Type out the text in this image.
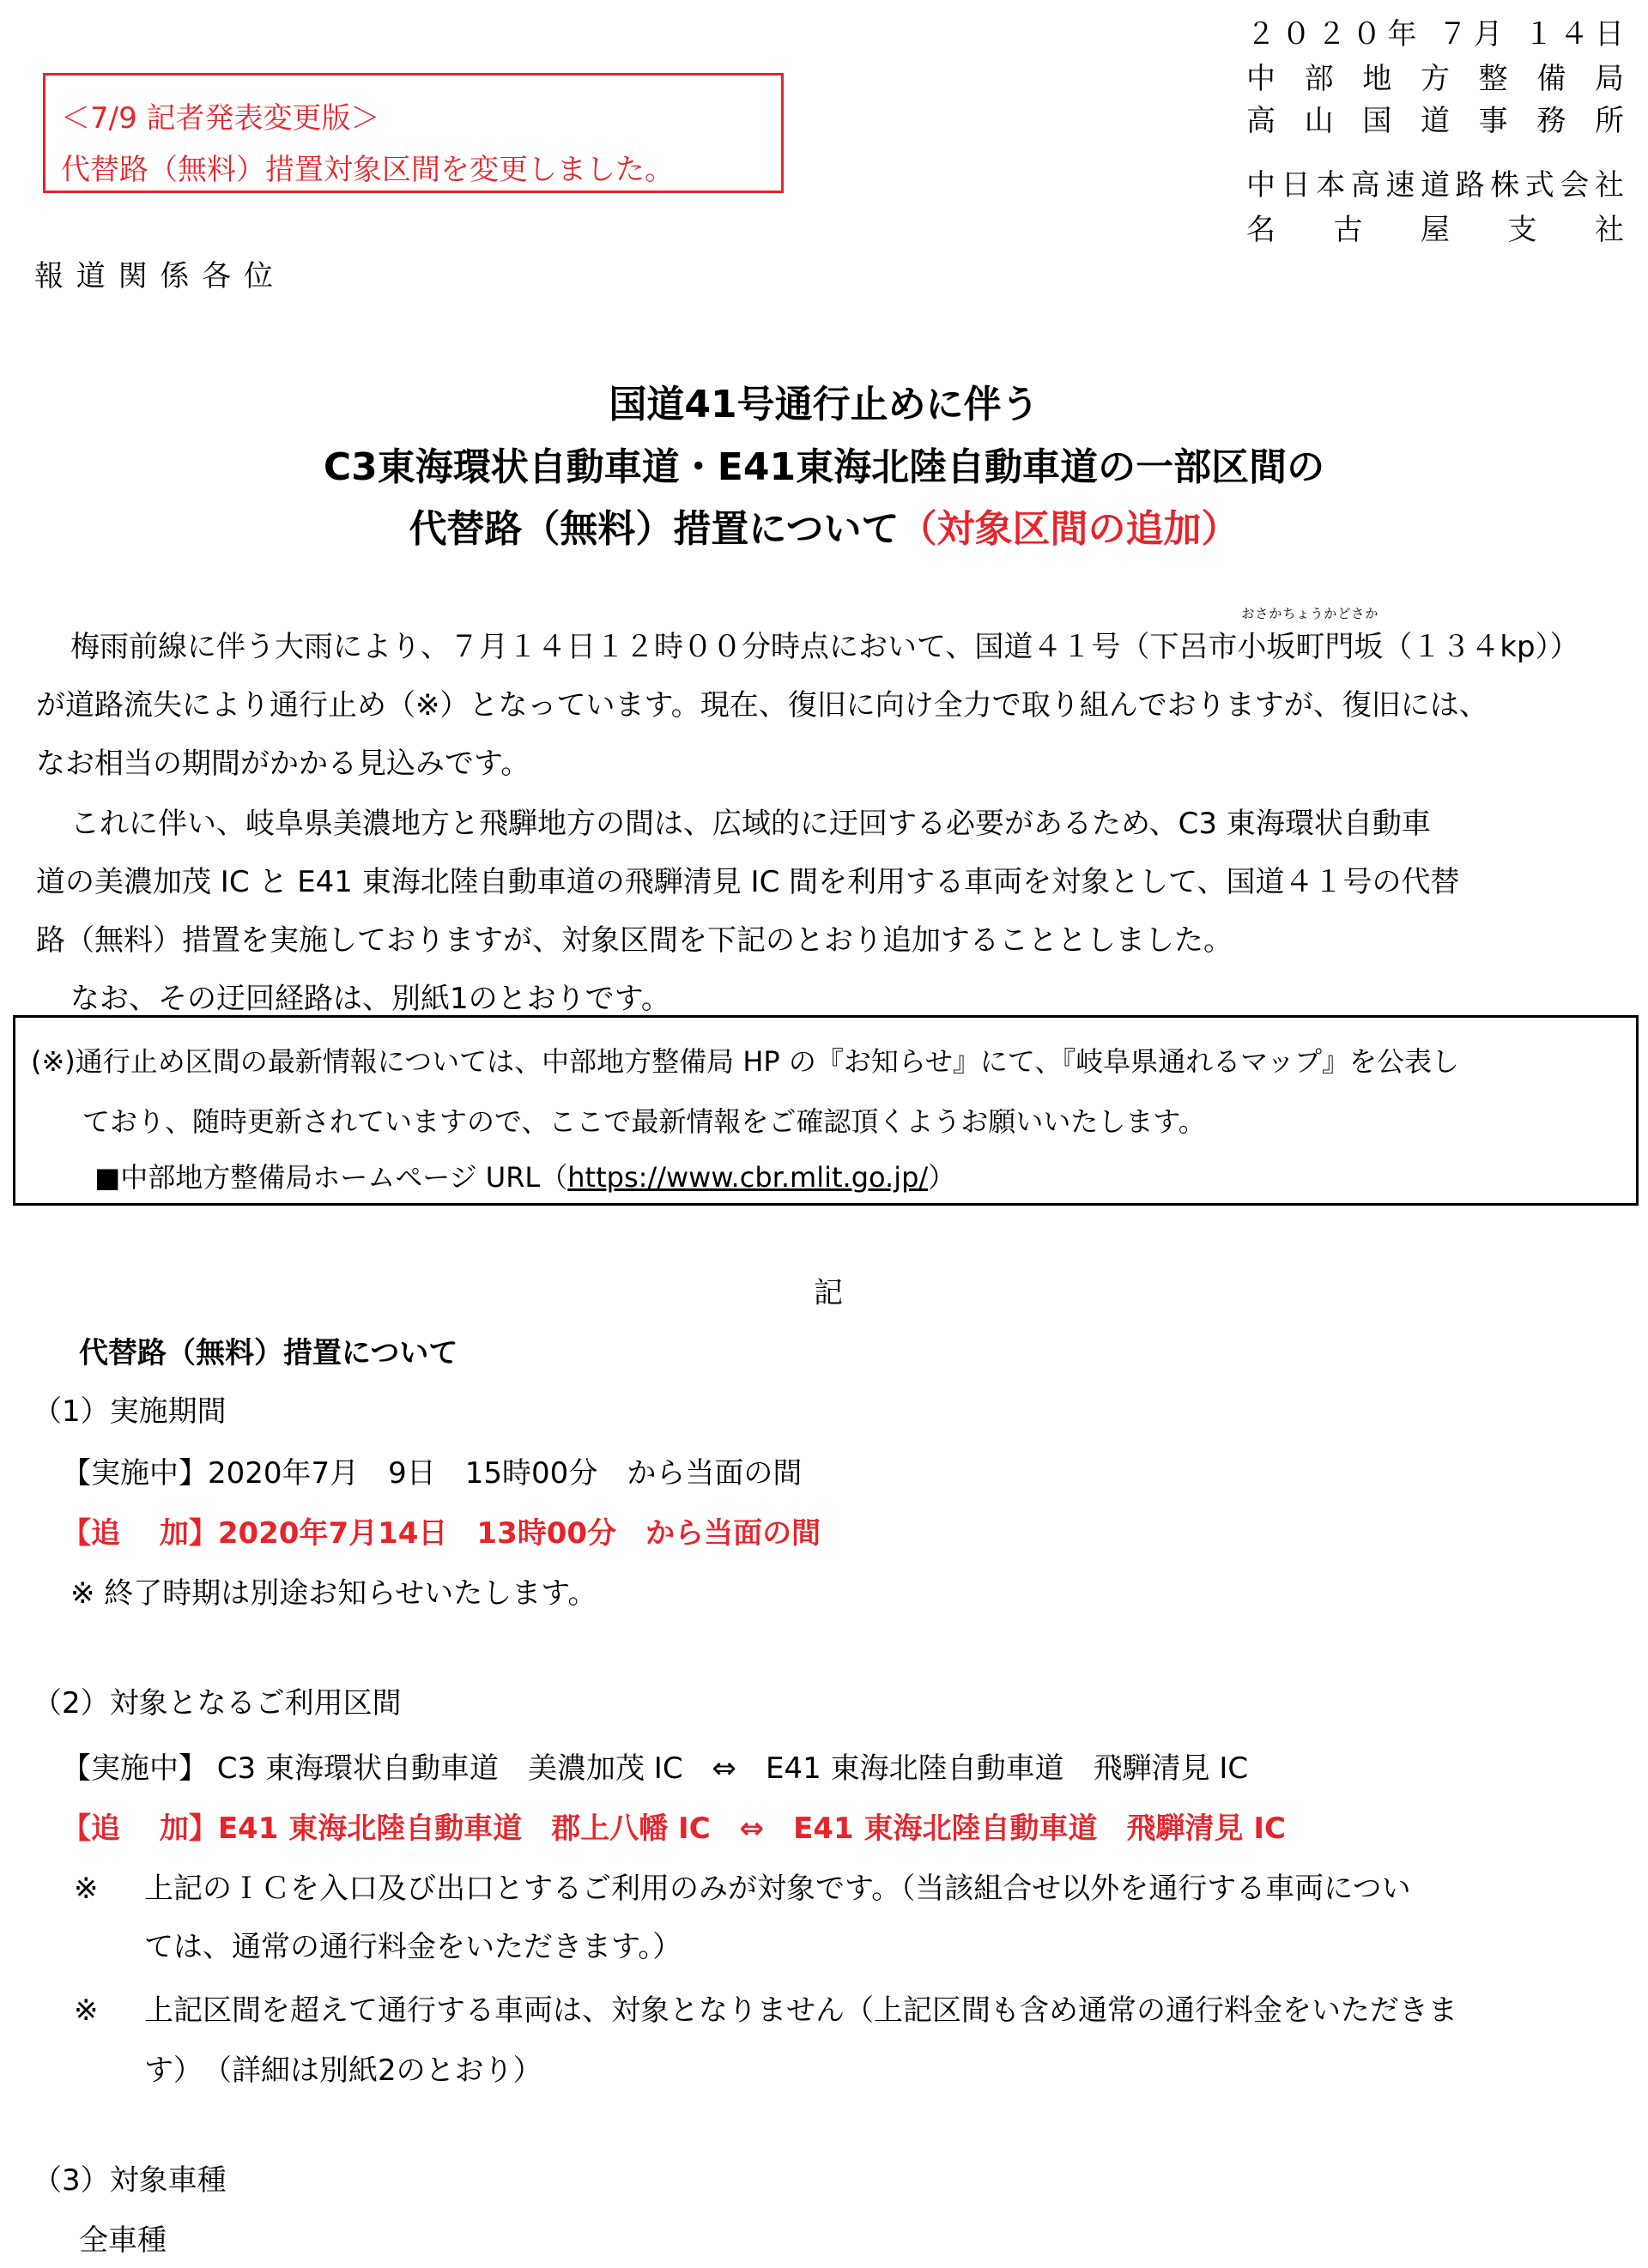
＜7/9 記者発表変更版＞
代替路（無料）措置対象区間を変更しました。
２０２０年 ７月 １４日
中部地方整備局
高山国道事務所
中日本高速道路株式会社
名古屋支社
報 道 関 係 各 位
国道41号通行止めに伴う
C3東海環状自動車道・E41東海北陸自動車道の一部区間の
代替路（無料）措置について（対象区間の追加）
梅雨前線に伴う大雨により、７月１４日１２時００分時点において、国道４１号（下呂市
おさかちょうかどさか
小坂町門坂（１３４kp））
が道路流失により通行止め（※）となっています。現在、復旧に向け全力で取り組んでおりますが、復旧には、
なお相当の期間がかかる見込みです。
これに伴い、岐阜県美濃地方と飛騨地方の間は、広域的に迂回する必要があるため、C3 東海環状自動車
道の美濃加茂 IC と E41 東海北陸自動車道の飛騨清見 IC 間を利用する車両を対象として、国道４１号の代替
路（無料）措置を実施しておりますが、対象区間を下記のとおり追加することとしました。
なお、その迂回経路は、別紙1のとおりです。
(※)通行止め区間の最新情報については、中部地方整備局 HP の『お知らせ』にて、『岐阜県通れるマップ』を公表し
ており、随時更新されていますので、ここで最新情報をご確認頂くようお願いいたします。
■中部地方整備局ホームページ URL（https://www.cbr.mlit.go.jp/）
記
代替路（無料）措置について
（1）実施期間
【実施中】2020年7月　9日　15時00分　から当面の間
【追　 加】2020年7月14日　13時00分　から当面の間
※ 終了時期は別途お知らせいたします。
（2）対象となるご利用区間
【実施中】 C3 東海環状自動車道　美濃加茂 IC　⇔　E41 東海北陸自動車道　飛騨清見 IC
【追　 加】E41 東海北陸自動車道　郡上八幡 IC　⇔　E41 東海北陸自動車道　飛騨清見 IC
※ 上記のＩＣを入口及び出口とするご利用のみが対象です。（当該組合せ以外を通行する車両につい
ては、通常の通行料金をいただきます。）
※ 上記区間を超えて通行する車両は、対象となりません（上記区間も含め通常の通行料金をいただきま
す）　（詳細は別紙2のとおり）
（3）対象車種
全車種
